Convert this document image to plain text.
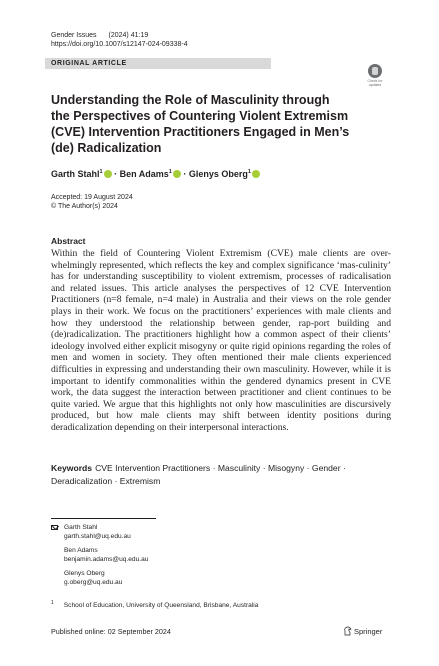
Gender Issues (2024) 41:19
https://doi.org/10.1007/s12147-024-09338-4
ORIGINAL ARTICLE
Check for
updates
Understanding the Role of Masculinity through the Perspectives of Countering Violent Extremism (CVE) Intervention Practitioners Engaged in Men’s (de) Radicalization
Garth Stahl$^1$ · Ben Adams$^1$ · Glenys Oberg$^1$
Accepted: 19 August 2024
© The Author(s) 2024
Abstract
Within the field of Countering Violent Extremism (CVE) male clients are over-whelmingly represented, which reflects the key and complex significance ‘mas-culinity’ has for understanding susceptibility to violent extremism, processes of radicalisation and related issues. This article analyses the perspectives of 12 CVE Intervention Practitioners (n=8 female, n=4 male) in Australia and their views on the role gender plays in their work. We focus on the practitioners’ experiences with male clients and how they understood the relationship between gender, rap-port building and (de)radicalization. The practitioners highlight how a common aspect of their clients’ ideology involved either explicit misogyny or quite rigid opinions regarding the roles of men and women in society. They often mentioned their male clients experienced difficulties in expressing and understanding their own masculinity. However, while it is important to identify commonalities within the gendered dynamics present in CVE work, the data suggest the interaction between practitioner and client continues to be quite varied. We argue that this highlights not only how masculinities are discursively produced, but how male clients may shift between identity positions during deradicalization depending on their interpersonal interactions.
Keywords CVE Intervention Practitioners · Masculinity · Misogyny · Gender · Deradicalization · Extremism
Garth Stahl
garth.stahl@uq.edu.au
Ben Adams
benjamin.adams@uq.edu.au
Glenys Oberg
g.oberg@uq.edu.au
$^1$ School of Education, University of Queensland, Brisbane, Australia
Published online: 02 September 2024	Springer
